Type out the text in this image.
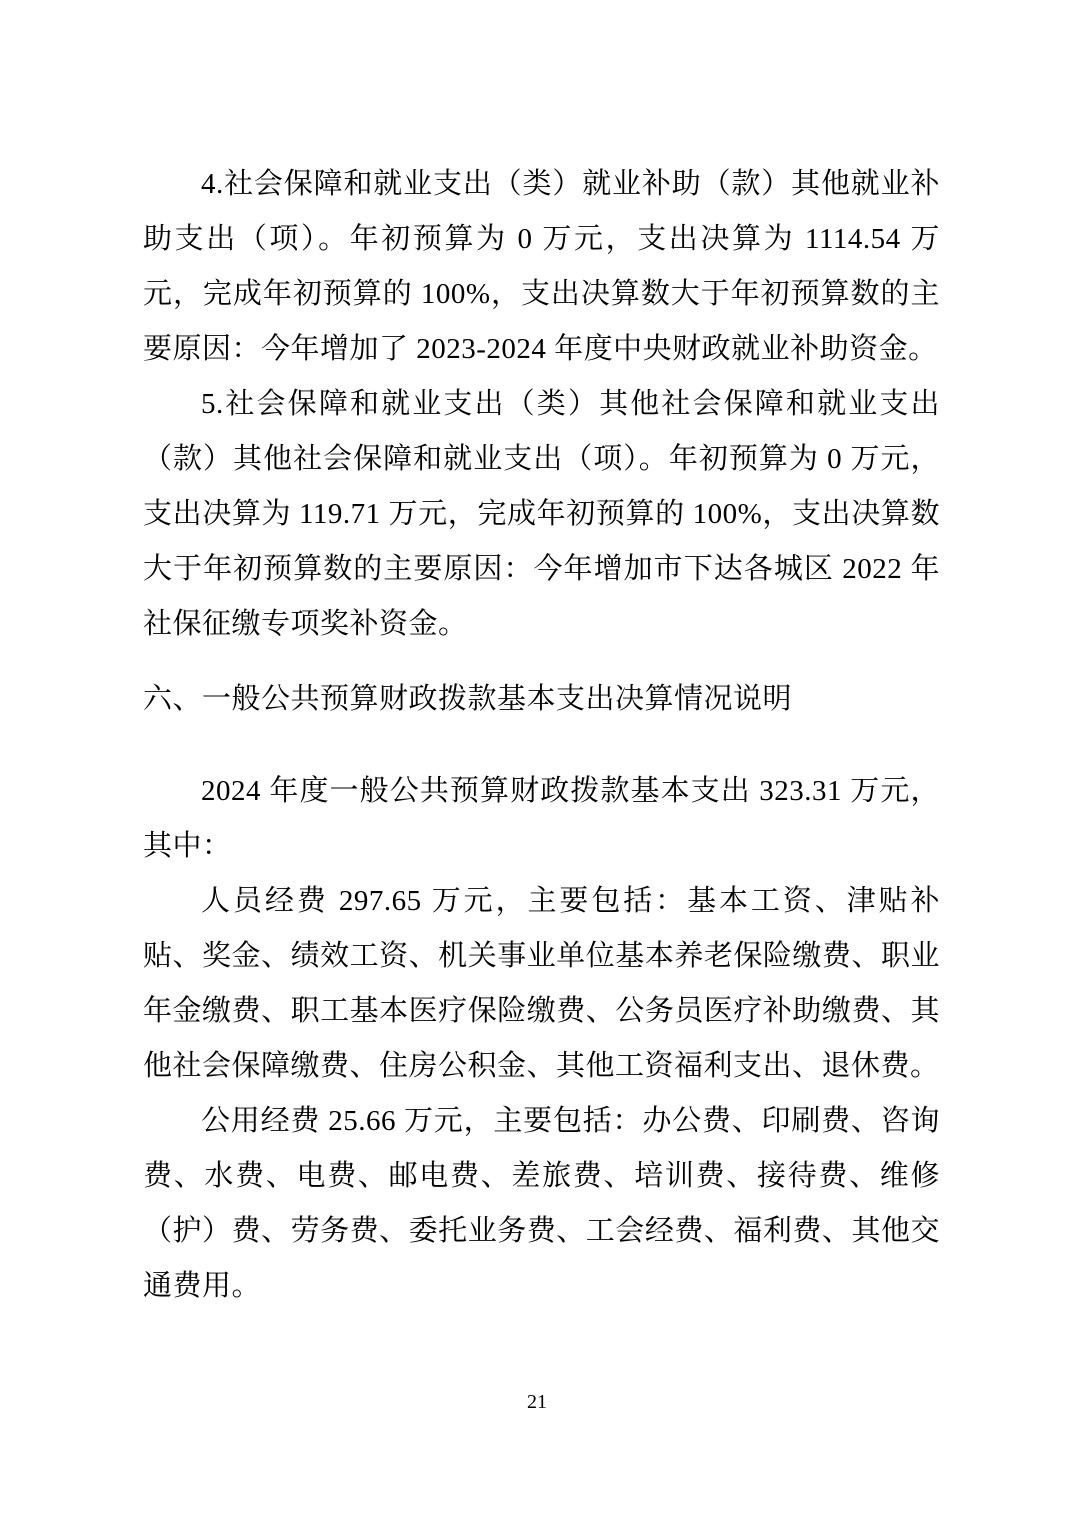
4.社会保障和就业支出（类）就业补助（款）其他就业补助支出（项）。年初预算为 0 万元，支出决算为 1114.54 万元，完成年初预算的 100%，支出决算数大于年初预算数的主要原因：今年增加了 2023-2024 年度中央财政就业补助资金。

5.社会保障和就业支出（类）其他社会保障和就业支出（款）其他社会保障和就业支出（项）。年初预算为 0 万元，支出决算为 119.71 万元，完成年初预算的 100%，支出决算数大于年初预算数的主要原因：今年增加市下达各城区 2022 年社保征缴专项奖补资金。

六、一般公共预算财政拨款基本支出决算情况说明

2024 年度一般公共预算财政拨款基本支出 323.31 万元，其中：

人员经费 297.65 万元，主要包括：基本工资、津贴补贴、奖金、绩效工资、机关事业单位基本养老保险缴费、职业年金缴费、职工基本医疗保险缴费、公务员医疗补助缴费、其他社会保障缴费、住房公积金、其他工资福利支出、退休费。

公用经费 25.66 万元，主要包括：办公费、印刷费、咨询费、水费、电费、邮电费、差旅费、培训费、接待费、维修（护）费、劳务费、委托业务费、工会经费、福利费、其他交通费用。

21
